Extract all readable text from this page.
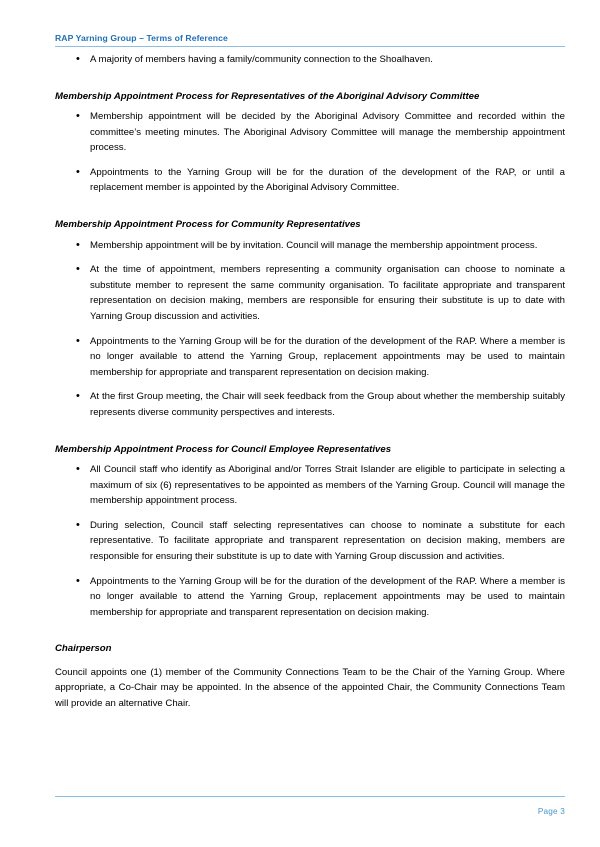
RAP Yarning Group – Terms of Reference
• A majority of members having a family/community connection to the Shoalhaven.
Membership Appointment Process for Representatives of the Aboriginal Advisory Committee
• Membership appointment will be decided by the Aboriginal Advisory Committee and recorded within the committee’s meeting minutes. The Aboriginal Advisory Committee will manage the membership appointment process.
• Appointments to the Yarning Group will be for the duration of the development of the RAP, or until a replacement member is appointed by the Aboriginal Advisory Committee.
Membership Appointment Process for Community Representatives
• Membership appointment will be by invitation. Council will manage the membership appointment process.
• At the time of appointment, members representing a community organisation can choose to nominate a substitute member to represent the same community organisation. To facilitate appropriate and transparent representation on decision making, members are responsible for ensuring their substitute is up to date with Yarning Group discussion and activities.
• Appointments to the Yarning Group will be for the duration of the development of the RAP. Where a member is no longer available to attend the Yarning Group, replacement appointments may be used to maintain membership for appropriate and transparent representation on decision making.
• At the first Group meeting, the Chair will seek feedback from the Group about whether the membership suitably represents diverse community perspectives and interests.
Membership Appointment Process for Council Employee Representatives
• All Council staff who identify as Aboriginal and/or Torres Strait Islander are eligible to participate in selecting a maximum of six (6) representatives to be appointed as members of the Yarning Group. Council will manage the membership appointment process.
• During selection, Council staff selecting representatives can choose to nominate a substitute for each representative. To facilitate appropriate and transparent representation on decision making, members are responsible for ensuring their substitute is up to date with Yarning Group discussion and activities.
• Appointments to the Yarning Group will be for the duration of the development of the RAP. Where a member is no longer available to attend the Yarning Group, replacement appointments may be used to maintain membership for appropriate and transparent representation on decision making.
Chairperson

Council appoints one (1) member of the Community Connections Team to be the Chair of the Yarning Group. Where appropriate, a Co-Chair may be appointed. In the absence of the appointed Chair, the Community Connections Team will provide an alternative Chair.

Page 3
